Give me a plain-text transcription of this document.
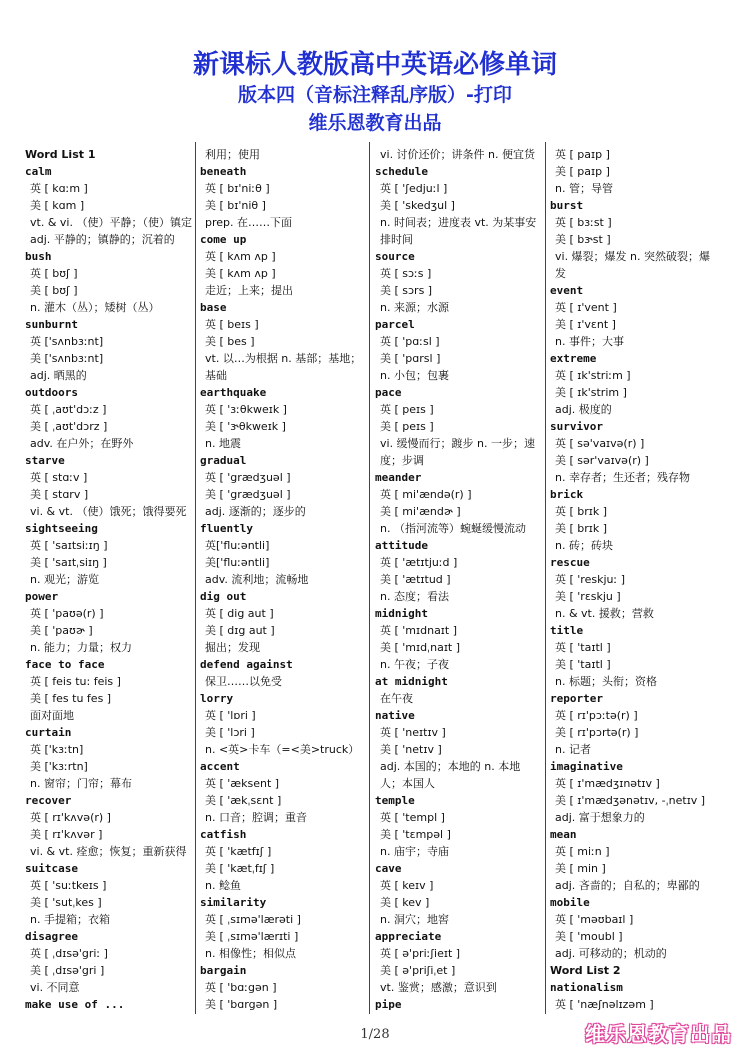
新课标人教版高中英语必修单词
版本四（音标注释乱序版）-打印
维乐恩教育出品
Word List 1
calm
英 [ kɑːm ]
美 [ kɑm ]
vt. & vi. （使）平静；（使）镇定 adj. 平静的；镇静的；沉着的
bush
英 [ bʊʃ ]
美 [ bʊʃ ]
n. 灌木（丛）；矮树（丛）
sunburnt
英 ['sʌnbɜːnt]
美 ['sʌnbɜːnt]
adj. 晒黑的
outdoors
英 [ ˌaʊt'dɔːz ]
美 [ ˌaʊt'dɔrz ]
adv. 在户外；在野外
starve
英 [ stɑːv ]
美 [ stɑrv ]
vi. & vt. （使）饿死；饿得要死
sightseeing
英 [ 'saɪtsiːɪŋ ]
美 [ 'saɪtˌsiɪŋ ]
n. 观光；游览
power
英 [ 'paʊə(r) ]
美 [ 'paʊɚ ]
n. 能力；力量；权力
face to face
英 [ feis tu: feis ]
美 [ fes tu fes ]
面对面地
curtain
英 ['kɜːtn]
美 ['kɜːrtn]
n. 窗帘；门帘；幕布
recover
英 [ rɪ'kʌvə(r) ]
美 [ rɪ'kʌvər ]
vi. & vt. 痊愈；恢复；重新获得
suitcase
英 [ 'suːtkeɪs ]
美 [ 'sutˌkes ]
n. 手提箱；衣箱
disagree
英 [ ˌdɪsə'griː ]
美 [ ˌdɪsə'gri ]
vi. 不同意
make use of ...
利用；使用
beneath
英 [ bɪ'niːθ ]
美 [ bɪ'niθ ]
prep. 在……下面
come up
英 [ kʌm ʌp ]
美 [ kʌm ʌp ]
走近；上来；提出
base
英 [ beɪs ]
美 [ bes ]
vt. 以…为根据 n. 基部；基地；基础
earthquake
英 [ 'ɜːθkweɪk ]
美 [ 'ɝθkweɪk ]
n. 地震
gradual
英 [ 'grædʒuəl ]
美 [ 'grædʒuəl ]
adj. 逐渐的；逐步的
fluently
英['fluːəntli]
美['fluːəntli]
adv. 流利地；流畅地
dig out
英 [ dig aut ]
美 [ dɪg aut ]
掘出；发现
defend against
保卫……以免受
lorry
英 [ 'lɒri ]
美 [ 'lɔri ]
n. <英>卡车（=<美>truck）
accent
英 [ 'æksent ]
美 [ 'ækˌsɛnt ]
n. 口音；腔调；重音
catfish
英 [ 'kætfɪʃ ]
美 [ 'kætˌfɪʃ ]
n. 鲶鱼
similarity
英 [ ˌsɪmə'lærəti ]
美 [ ˌsɪmə'lærɪti ]
n. 相像性；相似点
bargain
英 [ 'bɑːgən ]
美 [ 'bɑrgən ]
vi. 讨价还价；讲条件 n. 便宜货
schedule
英 [ 'ʃedjuːl ]
美 [ 'skedʒul ]
n. 时间表；进度表 vt. 为某事安排时间
source
英 [ sɔːs ]
美 [ sɔrs ]
n. 来源；水源
parcel
英 [ 'pɑːsl ]
美 [ 'pɑrsl ]
n. 小包；包裹
pace
英 [ peɪs ]
美 [ peɪs ]
vi. 缓慢而行；踱步 n. 一步；速度；步调
meander
英 [ mi'ændə(r) ]
美 [ mi'ændɚ ]
n. （指河流等）蜿蜒缓慢流动
attitude
英 [ 'ætɪtjuːd ]
美 [ 'ætɪtud ]
n. 态度；看法
midnight
英 [ 'mɪdnaɪt ]
美 [ 'mɪdˌnaɪt ]
n. 午夜；子夜
at midnight
在午夜
native
英 [ 'neɪtɪv ]
美 [ 'netɪv ]
adj. 本国的；本地的 n. 本地人；本国人
temple
英 [ 'templ ]
美 [ 'tɛmpəl ]
n. 庙宇；寺庙
cave
英 [ keɪv ]
美 [ kev ]
n. 洞穴；地窖
appreciate
英 [ ə'priːʃieɪt ]
美 [ ə'priʃiˌet ]
vt. 鉴赏；感激；意识到
pipe
英 [ paɪp ]
美 [ paɪp ]
n. 管；导管
burst
英 [ bɜːst ]
美 [ bɝst ]
vi. 爆裂；爆发 n. 突然破裂；爆发
event
英 [ ɪ'vent ]
美 [ ɪ'vɛnt ]
n. 事件；大事
extreme
英 [ ɪk'striːm ]
美 [ ɪk'strim ]
adj. 极度的
survivor
英 [ sə'vaɪvə(r) ]
美 [ sər'vaɪvə(r) ]
n. 幸存者；生还者；残存物
brick
英 [ brɪk ]
美 [ brɪk ]
n. 砖；砖块
rescue
英 [ 'reskjuː ]
美 [ 'rɛskju ]
n. & vt. 援救；营救
title
英 [ 'taɪtl ]
美 [ 'taɪtl ]
n. 标题；头衔；资格
reporter
英 [ rɪ'pɔːtə(r) ]
美 [ rɪ'pɔrtə(r) ]
n. 记者
imaginative
英 [ ɪ'mædʒɪnətɪv ]
美 [ ɪ'mædʒənətɪv, -ˌnetɪv ]
adj. 富于想象力的
mean
英 [ miːn ]
美 [ min ]
adj. 吝啬的；自私的；卑鄙的
mobile
英 [ 'məʊbaɪl ]
美 [ 'moubl ]
adj. 可移动的；机动的
Word List 2
nationalism
英 [ 'næʃnəlɪzəm ]
1/28	维乐恩教育出品
